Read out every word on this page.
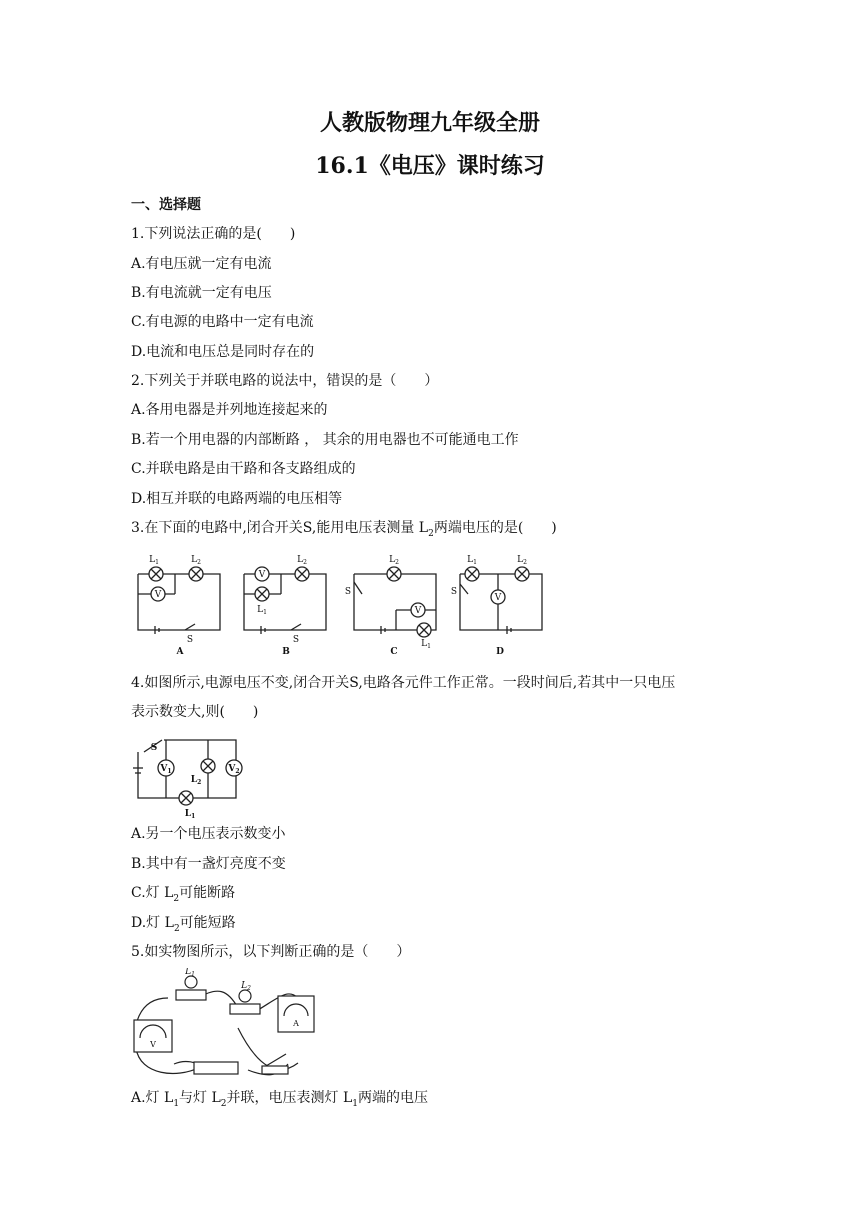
人教版物理九年级全册
16.1《电压》课时练习
一、选择题
1.下列说法正确的是(　　)
A.有电压就一定有电流
B.有电流就一定有电压
C.有电源的电路中一定有电流
D.电流和电压总是同时存在的
2.下列关于并联电路的说法中，错误的是（　　）
A.各用电器是并列地连接起来的
B.若一个用电器的内部断路 ， 其余的用电器也不可能通电工作
C.并联电路是由干路和各支路组成的
D.相互并联的电路两端的电压相等
3.在下面的电路中,闭合开关S,能用电压表测量 $L_2$两端电压的是(　　)
V
V
V
V
$L_1$	$L_2$	$L_2$
$L_1$
$L_2$
$L_1$
$L_1$	$L_2$
S	S
S	S
A	B	C	D
4.如图所示,电源电压不变,闭合开关S,电路各元件工作正常。一段时间后,若其中一只电压
表示数变大,则(　　)
S
$V_1$	$V_2$
$L_2$
$L_1$
A.另一个电压表示数变小
B.其中有一盏灯亮度不变
C.灯 $L_2$可能断路
D.灯 $L_2$可能短路
5.如实物图所示，以下判断正确的是（　　）
$L_1$
$L_2$
V
A
A.灯 $L_1$与灯 $L_2$并联，电压表测灯 $L_1$两端的电压
